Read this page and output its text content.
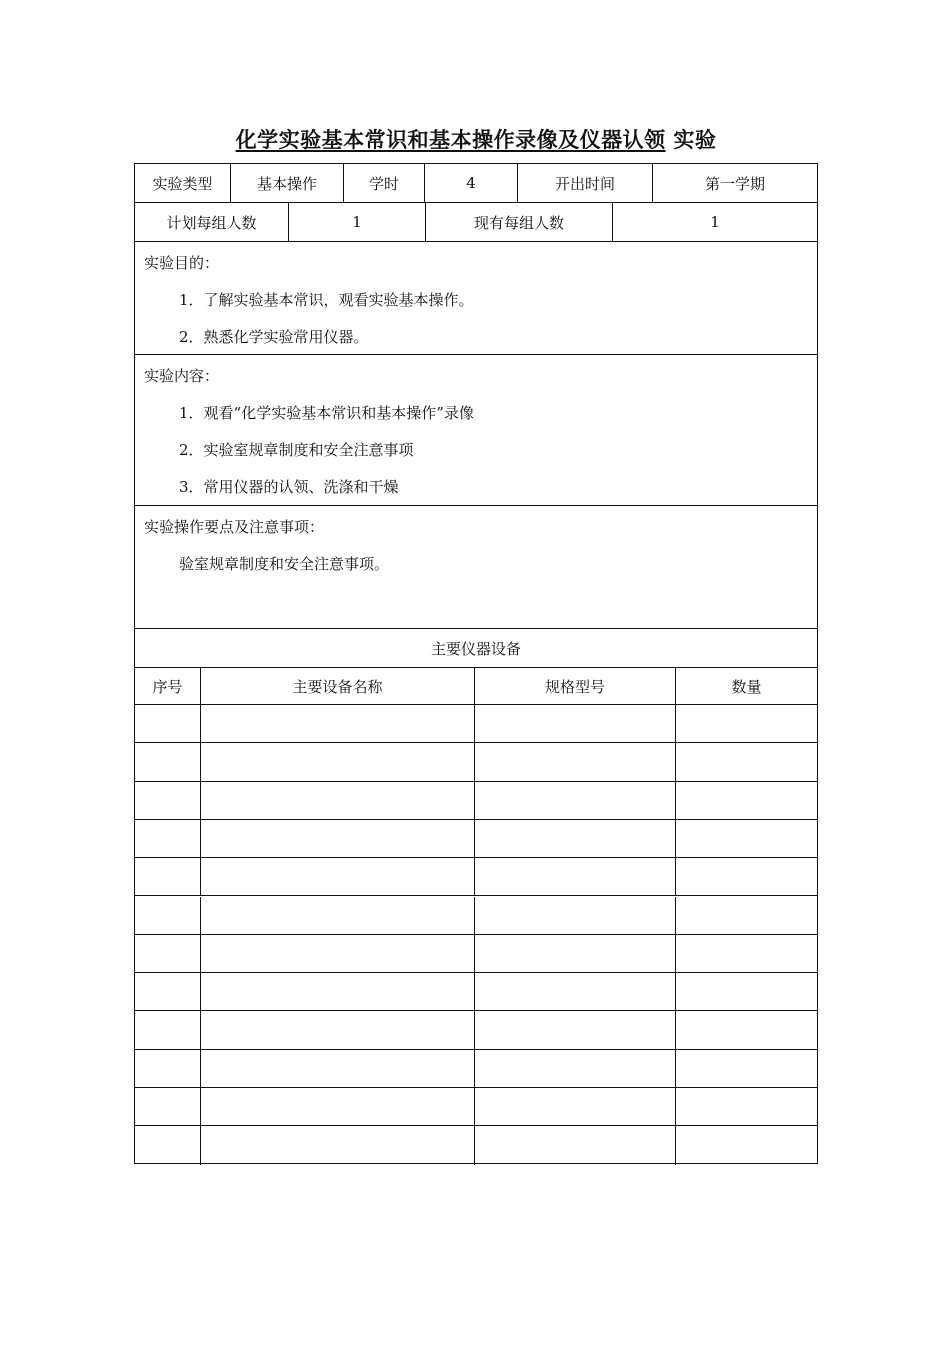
化学实验基本常识和基本操作录像及仪器认领 实验
实验类型	基本操作	学时	4	开出时间	第一学期
计划每组人数	1	现有每组人数	1
实验目的：
1．了解实验基本常识，观看实验基本操作。
2．熟悉化学实验常用仪器。
实验内容：
1．观看“化学实验基本常识和基本操作”录像
2．实验室规章制度和安全注意事项
3．常用仪器的认领、洗涤和干燥
实验操作要点及注意事项：
验室规章制度和安全注意事项。
主要仪器设备
序号	主要设备名称	规格型号	数量
